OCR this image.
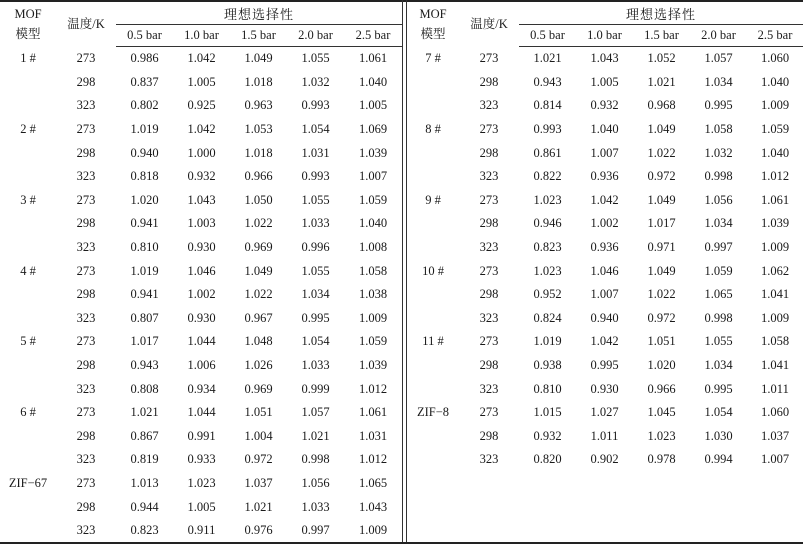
MOF
模型	温度/K	理想选择性				
		0.5 bar	1.0 bar	1.5 bar	2.0 bar	2.5 bar
1 #	273	0.986	1.042	1.049	1.055	1.061
	298	0.837	1.005	1.018	1.032	1.040
	323	0.802	0.925	0.963	0.993	1.005
2 #	273	1.019	1.042	1.053	1.054	1.069
	298	0.940	1.000	1.018	1.031	1.039
	323	0.818	0.932	0.966	0.993	1.007
3 #	273	1.020	1.043	1.050	1.055	1.059
	298	0.941	1.003	1.022	1.033	1.040
	323	0.810	0.930	0.969	0.996	1.008
4 #	273	1.019	1.046	1.049	1.055	1.058
	298	0.941	1.002	1.022	1.034	1.038
	323	0.807	0.930	0.967	0.995	1.009
5 #	273	1.017	1.044	1.048	1.054	1.059
	298	0.943	1.006	1.026	1.033	1.039
	323	0.808	0.934	0.969	0.999	1.012
6 #	273	1.021	1.044	1.051	1.057	1.061
	298	0.867	0.991	1.004	1.021	1.031
	323	0.819	0.933	0.972	0.998	1.012
ZIF−67	273	1.013	1.023	1.037	1.056	1.065
	298	0.944	1.005	1.021	1.033	1.043
	323	0.823	0.911	0.976	0.997	1.009
MOF
模型	温度/K	理想选择性				
		0.5 bar	1.0 bar	1.5 bar	2.0 bar	2.5 bar
7 #	273	1.021	1.043	1.052	1.057	1.060
	298	0.943	1.005	1.021	1.034	1.040
	323	0.814	0.932	0.968	0.995	1.009
8 #	273	0.993	1.040	1.049	1.058	1.059
	298	0.861	1.007	1.022	1.032	1.040
	323	0.822	0.936	0.972	0.998	1.012
9 #	273	1.023	1.042	1.049	1.056	1.061
	298	0.946	1.002	1.017	1.034	1.039
	323	0.823	0.936	0.971	0.997	1.009
10 #	273	1.023	1.046	1.049	1.059	1.062
	298	0.952	1.007	1.022	1.065	1.041
	323	0.824	0.940	0.972	0.998	1.009
11 #	273	1.019	1.042	1.051	1.055	1.058
	298	0.938	0.995	1.020	1.034	1.041
	323	0.810	0.930	0.966	0.995	1.011
ZIF−8	273	1.015	1.027	1.045	1.054	1.060
	298	0.932	1.011	1.023	1.030	1.037
	323	0.820	0.902	0.978	0.994	1.007
